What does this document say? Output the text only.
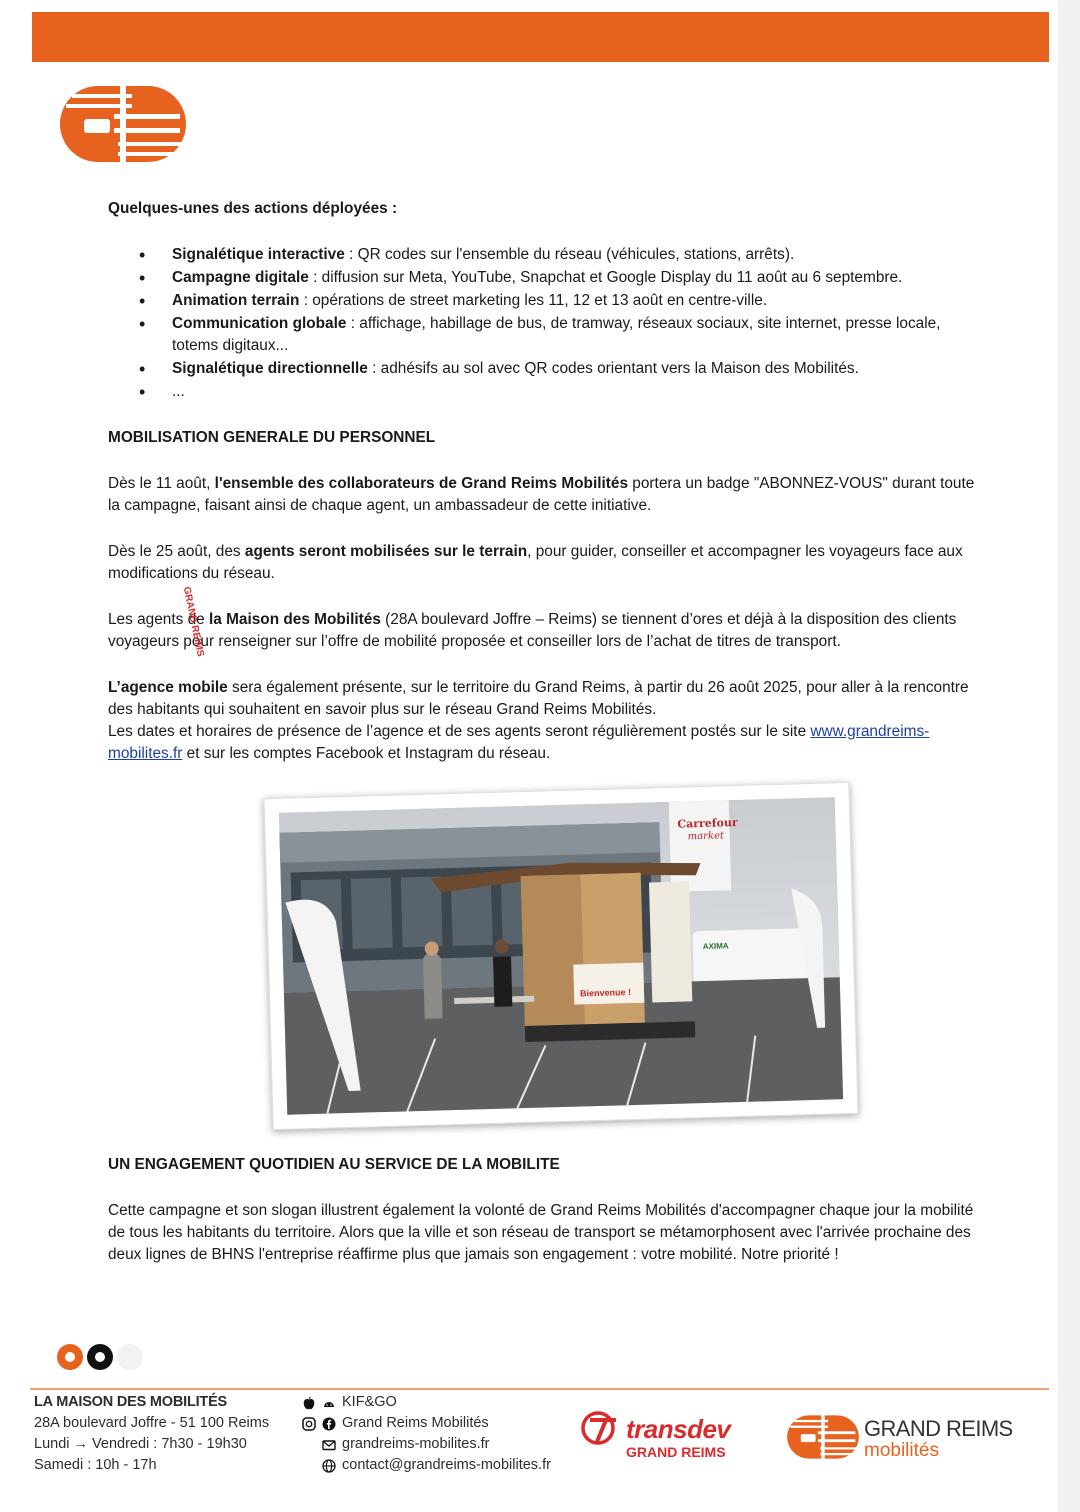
Quelques-unes des actions déployées :

• Signalétique interactive : QR codes sur l'ensemble du réseau (véhicules, stations, arrêts).
• Campagne digitale : diffusion sur Meta, YouTube, Snapchat et Google Display du 11 août au 6 septembre.
• Animation terrain : opérations de street marketing les 11, 12 et 13 août en centre-ville.
• Communication globale : affichage, habillage de bus, de tramway, réseaux sociaux, site internet, presse locale, totems digitaux...
• Signalétique directionnelle : adhésifs au sol avec QR codes orientant vers la Maison des Mobilités.
• ...

MOBILISATION GENERALE DU PERSONNEL

Dès le 11 août, l'ensemble des collaborateurs de Grand Reims Mobilités portera un badge "ABONNEZ-VOUS" durant toute la campagne, faisant ainsi de chaque agent, un ambassadeur de cette initiative.

Dès le 25 août, des agents seront mobilisées sur le terrain, pour guider, conseiller et accompagner les voyageurs face aux modifications du réseau.

Les agents de la Maison des Mobilités (28A boulevard Joffre – Reims) se tiennent d’ores et déjà à la disposition des clients voyageurs pour renseigner sur l’offre de mobilité proposée et conseiller lors de l’achat de titres de transport.

L’agence mobile sera également présente, sur le territoire du Grand Reims, à partir du 26 août 2025, pour aller à la rencontre des habitants qui souhaitent en savoir plus sur le réseau Grand Reims Mobilités.

Les dates et horaires de présence de l’agence et de ses agents seront régulièrement postés sur le site www.grandreims-mobilites.fr et sur les comptes Facebook et Instagram du réseau.

Carrefour
market
AXIMA
Bienvenue !
GRAND REIMS

UN ENGAGEMENT QUOTIDIEN AU SERVICE DE LA MOBILITE

Cette campagne et son slogan illustrent également la volonté de Grand Reims Mobilités d'accompagner chaque jour la mobilité de tous les habitants du territoire. Alors que la ville et son réseau de transport se métamorphosent avec l'arrivée prochaine des deux lignes de BHNS l'entreprise réaffirme plus que jamais son engagement : votre mobilité. Notre priorité !

LA MAISON DES MOBILITÉS
28A boulevard Joffre - 51 100 Reims
Lundi → Vendredi : 7h30 - 19h30
Samedi : 10h - 17h
KIF&GO
Grand Reims Mobilités
grandreims-mobilites.fr
contact@grandreims-mobilites.fr
transdev
GRAND REIMS
GRAND REIMS
mobilités
